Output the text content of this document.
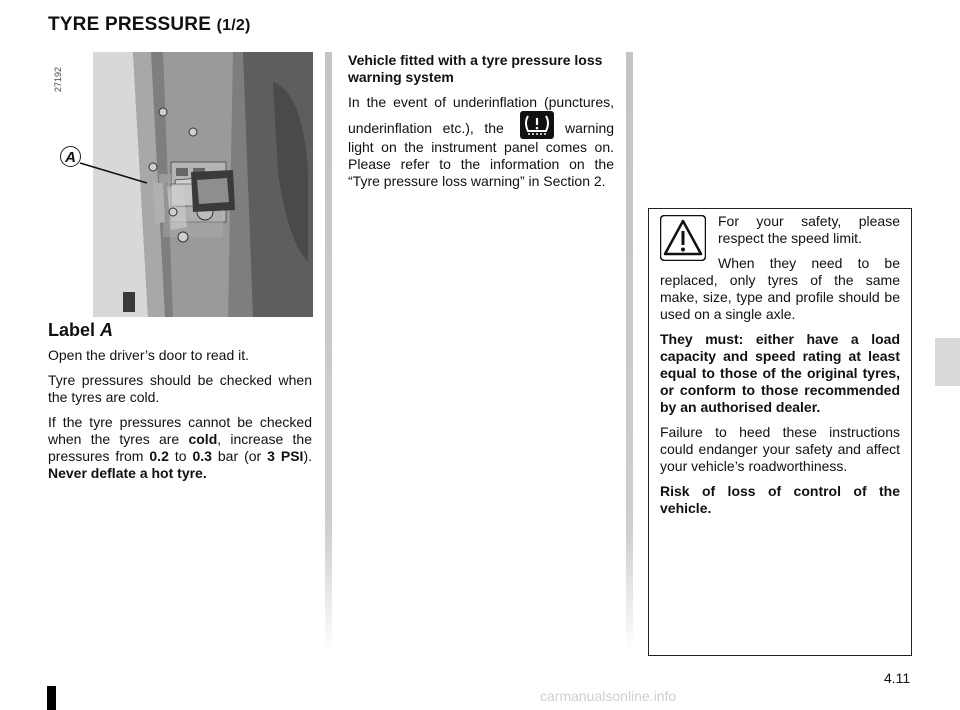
TYRE PRESSURE (1/2)
27192
A
Label A

Open the driver’s door to read it.

Tyre pressures should be checked when the tyres are cold.

If the tyre pressures cannot be checked when the tyres are cold, increase the pressures from 0.2 to 0.3 bar (or 3 PSI). Never deflate a hot tyre.

Vehicle fitted with a tyre pressure loss warning system

In the event of underinflation (punctures, underinflation etc.), the	warning light on the instrument panel comes on. Please refer to the information on the “Tyre pressure loss warning” in Section 2.

For your safety, please respect the speed limit.

When they need to be replaced, only tyres of the same make, size, type and profile should be used on a single axle.

They must: either have a load capacity and speed rating at least equal to those of the original tyres, or conform to those recommended by an authorised dealer.

Failure to heed these instructions could endanger your safety and affect your vehicle’s roadworthiness.

Risk of loss of control of the vehicle.

4.11
carmanualsonline.info
